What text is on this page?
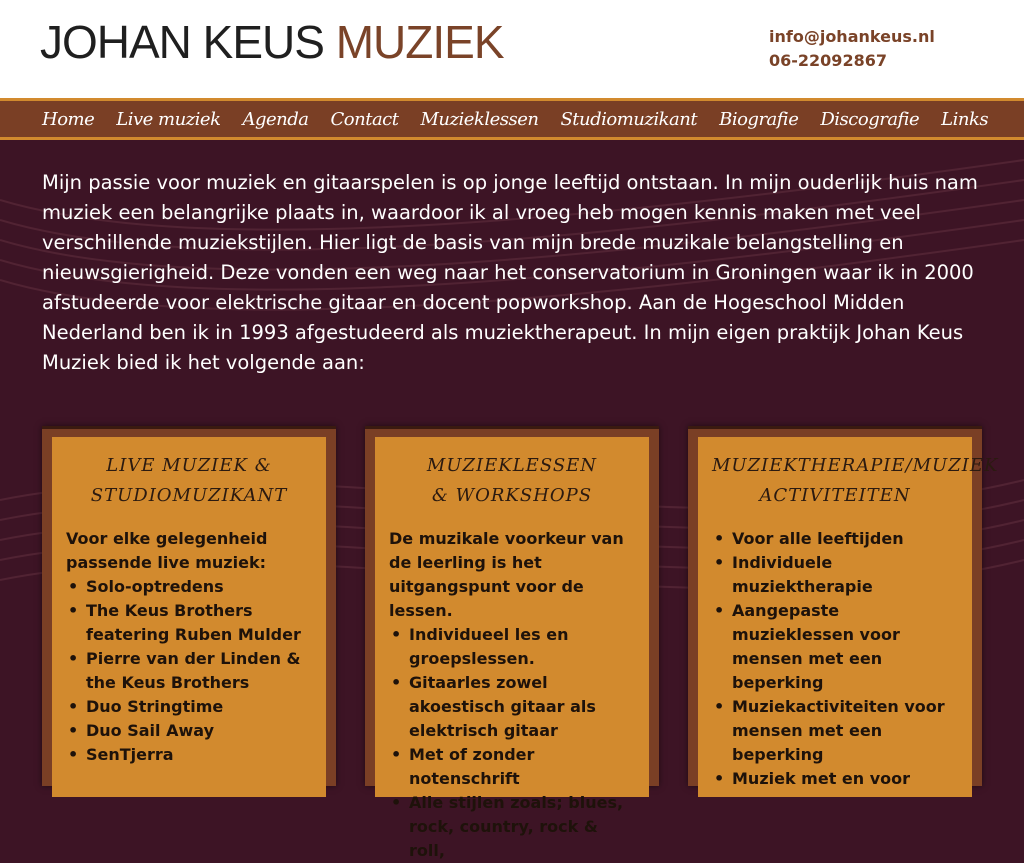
JOHAN KEUS MUZIEK	info@johankeus.nl
06-22092867
Home Live muziek Agenda Contact Muzieklessen Studiomuzikant Biografie Discografie Links

Mijn passie voor muziek en gitaarspelen is op jonge leeftijd ontstaan. In mijn ouderlijk huis nam muziek een belangrijke plaats in, waardoor ik al vroeg heb mogen kennis maken met veel verschillende muziekstijlen. Hier ligt de basis van mijn brede muzikale belangstelling en nieuwsgierigheid. Deze vonden een weg naar het conservatorium in Groningen waar ik in 2000 afstudeerde voor elektrische gitaar en docent popworkshop. Aan de Hogeschool Midden Nederland ben ik in 1993 afgestudeerd als muziektherapeut. In mijn eigen praktijk Johan Keus Muziek bied ik het volgende aan:

LIVE MUZIEK &
STUDIOMUZIKANT
Voor elke gelegenheid passende live muziek:
• Solo-optredens
• The Keus Brothers featering Ruben Mulder
• Pierre van der Linden & the Keus Brothers
• Duo Stringtime
• Duo Sail Away
• SenTjerra
MUZIEKLESSEN
& WORKSHOPS
De muzikale voorkeur van de leerling is het uitgangspunt voor de lessen.
• Individueel les en groepslessen.
• Gitaarles zowel akoestisch gitaar als elektrisch gitaar
• Met of zonder notenschrift
• Alle stijlen zoals; blues, rock, country, rock & roll,
MUZIEKTHERAPIE/MUZIEK
ACTIVITEITEN
• Voor alle leeftijden
• Individuele muziektherapie
• Aangepaste muzieklessen voor mensen met een beperking
• Muziekactiviteiten voor mensen met een beperking
• Muziek met en voor
